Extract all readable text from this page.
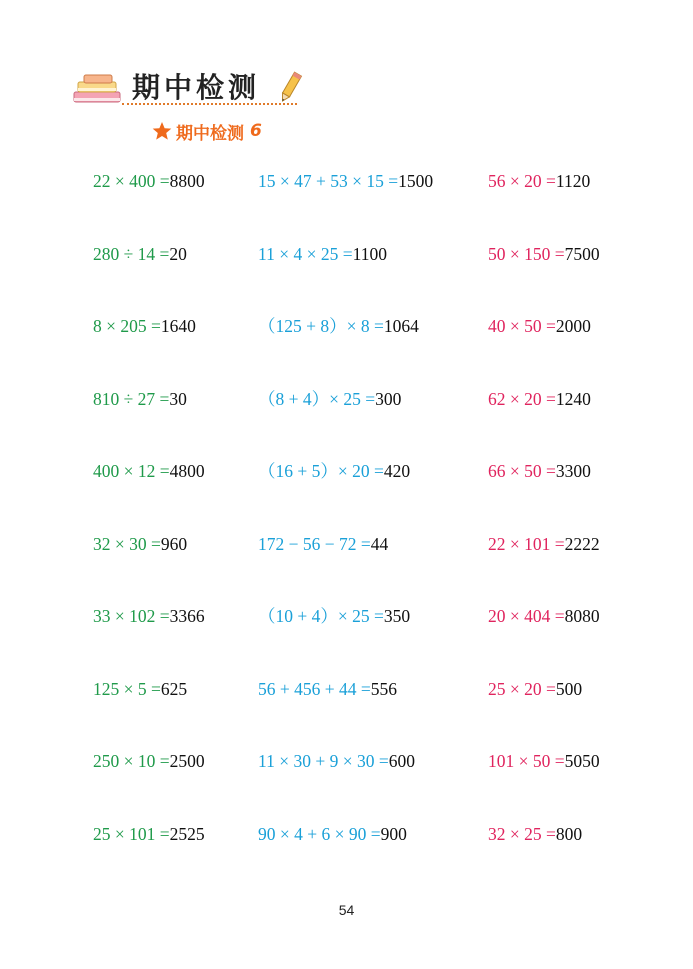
期中检测
期中检测 6
22 × 400 =8800	15 × 47 + 53 × 15 =1500	56 × 20 =1120
280 ÷ 14 =20	11 × 4 × 25 =1100	50 × 150 =7500
8 × 205 =1640	（125 + 8）× 8 =1064	40 × 50 =2000
810 ÷ 27 =30	（8 + 4）× 25 =300	62 × 20 =1240
400 × 12 =4800	（16 + 5）× 20 =420	66 × 50 =3300
32 × 30 =960	172 − 56 − 72 =44	22 × 101 =2222
33 × 102 =3366	（10 + 4）× 25 =350	20 × 404 =8080
125 × 5 =625	56 + 456 + 44 =556	25 × 20 =500
250 × 10 =2500	11 × 30 + 9 × 30 =600	101 × 50 =5050
25 × 101 =2525	90 × 4 + 6 × 90 =900	32 × 25 =800
54
